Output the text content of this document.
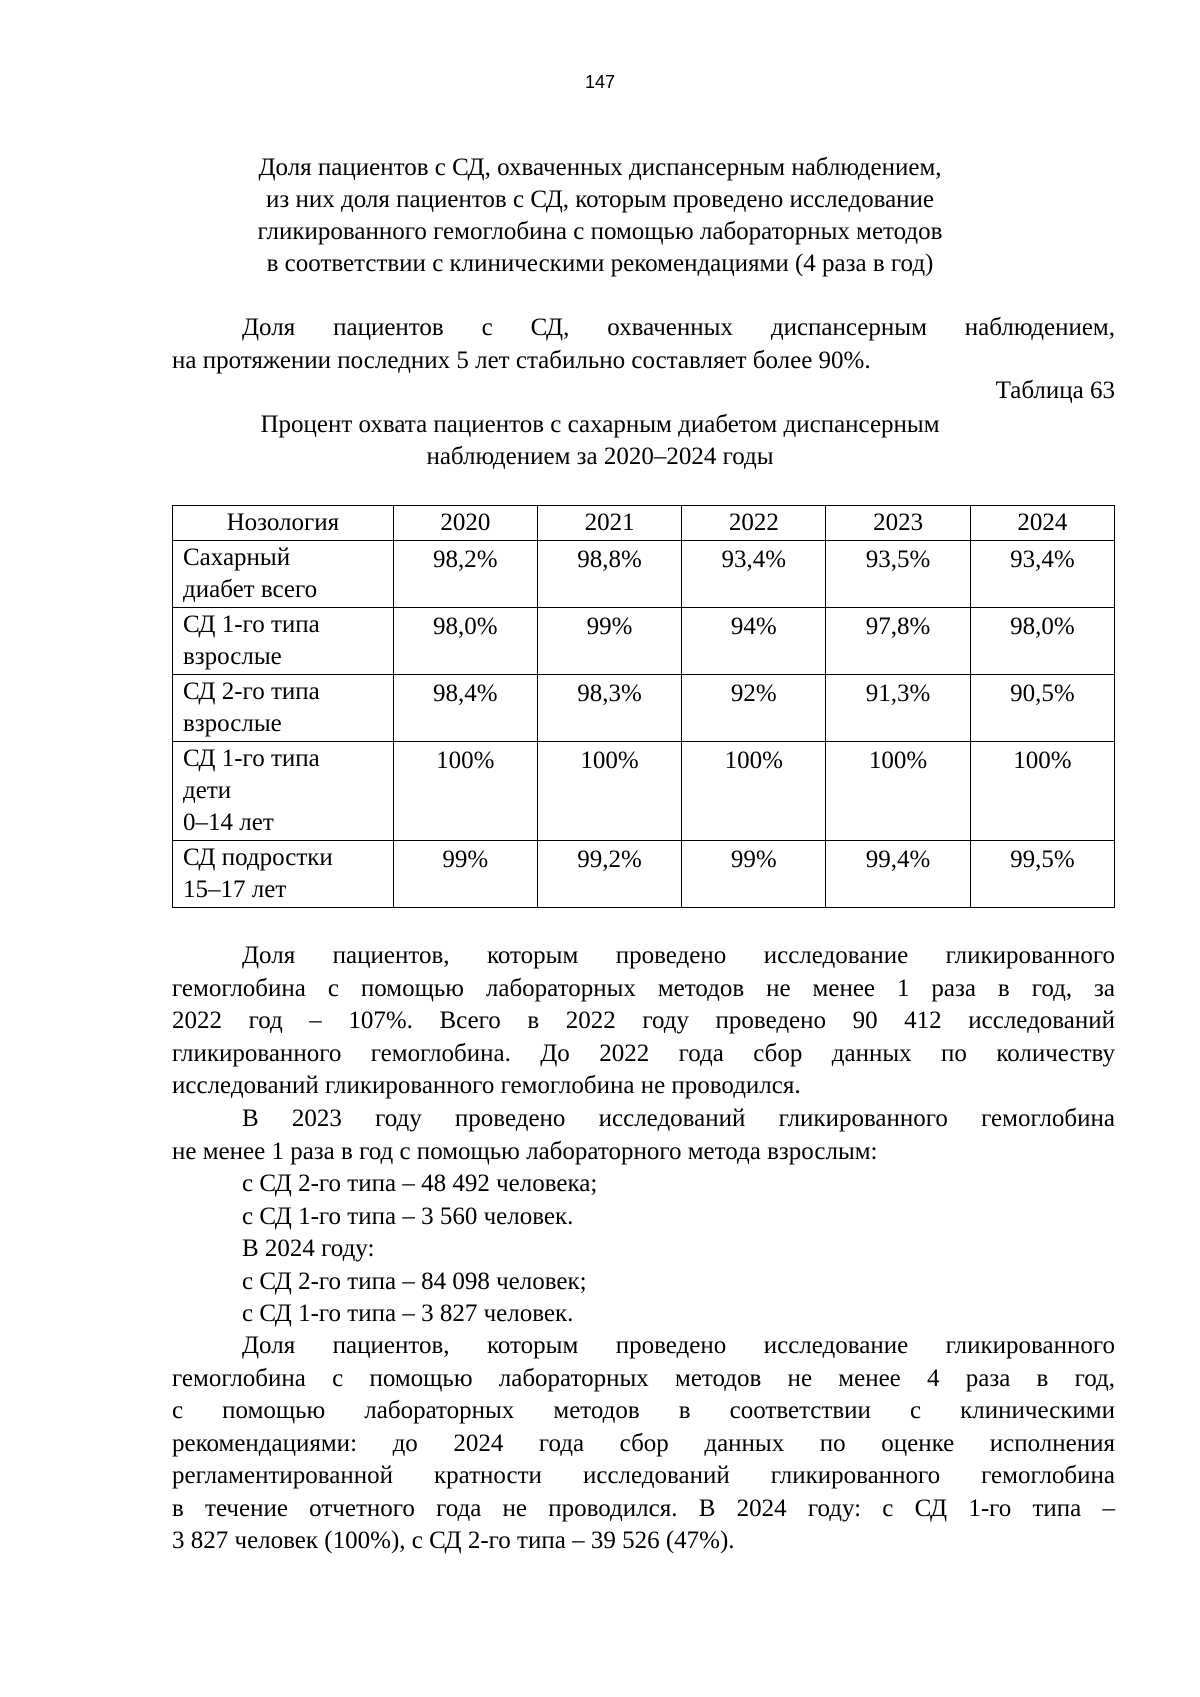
147
Доля пациентов с СД, охваченных диспансерным наблюдением,
из них доля пациентов с СД, которым проведено исследование
гликированного гемоглобина с помощью лабораторных методов
в соответствии с клиническими рекомендациями (4 раза в год)
Доля пациентов с СД, охваченных диспансерным наблюдением,
на протяжении последних 5 лет стабильно составляет более 90%.
Таблица 63
Процент охвата пациентов с сахарным диабетом диспансерным
наблюдением за 2020–2024 годы
Нозология	2020	2021	2022	2023	2024

Сахарный
диабет всего	98,2%	98,8%	93,4%	93,5%	93,4%

СД 1-го типа
взрослые	98,0%	99%	94%	97,8%	98,0%

СД 2-го типа
взрослые	98,4%	98,3%	92%	91,3%	90,5%

СД 1-го типа
дети
0–14 лет	100%	100%	100%	100%	100%

СД подростки
15–17 лет	99%	99,2%	99%	99,4%	99,5%
Доля пациентов, которым проведено исследование гликированного
гемоглобина с помощью лабораторных методов не менее 1 раза в год, за
2022 год – 107%. Всего в 2022 году проведено 90 412 исследований
гликированного гемоглобина. До 2022 года сбор данных по количеству
исследований гликированного гемоглобина не проводился.
В 2023 году проведено исследований гликированного гемоглобина
не менее 1 раза в год с помощью лабораторного метода взрослым:
с СД 2-го типа – 48 492 человека;
с СД 1-го типа – 3 560 человек.
В 2024 году:
с СД 2-го типа – 84 098 человек;
с СД 1-го типа – 3 827 человек.
Доля пациентов, которым проведено исследование гликированного
гемоглобина с помощью лабораторных методов не менее 4 раза в год,
с помощью лабораторных методов в соответствии с клиническими
рекомендациями: до 2024 года сбор данных по оценке исполнения
регламентированной кратности исследований гликированного гемоглобина
в течение отчетного года не проводился. В 2024 году: с СД 1-го типа –
3 827 человек (100%), с СД 2-го типа – 39 526 (47%).
